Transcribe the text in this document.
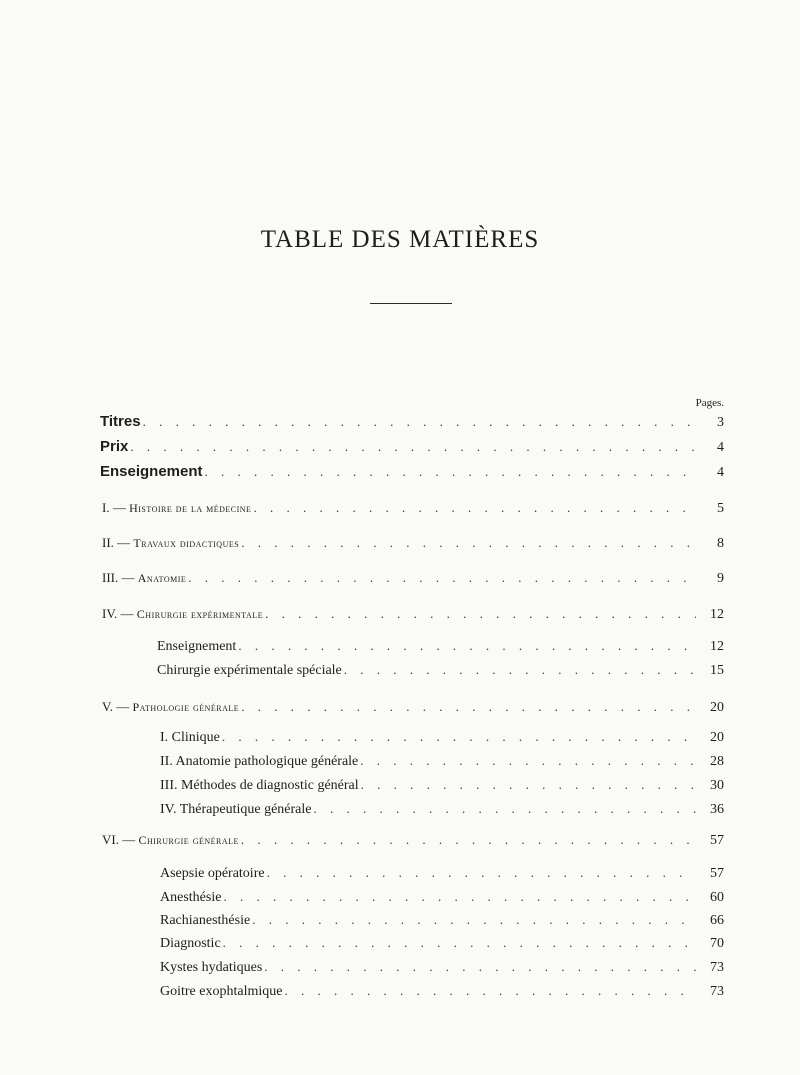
TABLE DES MATIÈRES
Pages.
Titres . . .	3
Prix . . .	4
Enseignement . . .	4
I. — Histoire de la médecine . . .	5
II. — Travaux didactiques . . .	8
III. — Anatomie . . .	9
IV. — Chirurgie expérimentale . . .	12
Enseignement . . .	12
Chirurgie expérimentale spéciale . . .	15
V. — Pathologie générale . . .	20
I. Clinique . . .	20
II. Anatomie pathologique générale . . .	28
III. Méthodes de diagnostic général . . .	30
IV. Thérapeutique générale . . .	36
VI. — Chirurgie générale . . .	57
Asepsie opératoire . . .	57
Anesthésie . . .	60
Rachianesthésie . . .	66
Diagnostic . . .	70
Kystes hydatiques . . .	73
Goitre exophtalmique . . .	73
